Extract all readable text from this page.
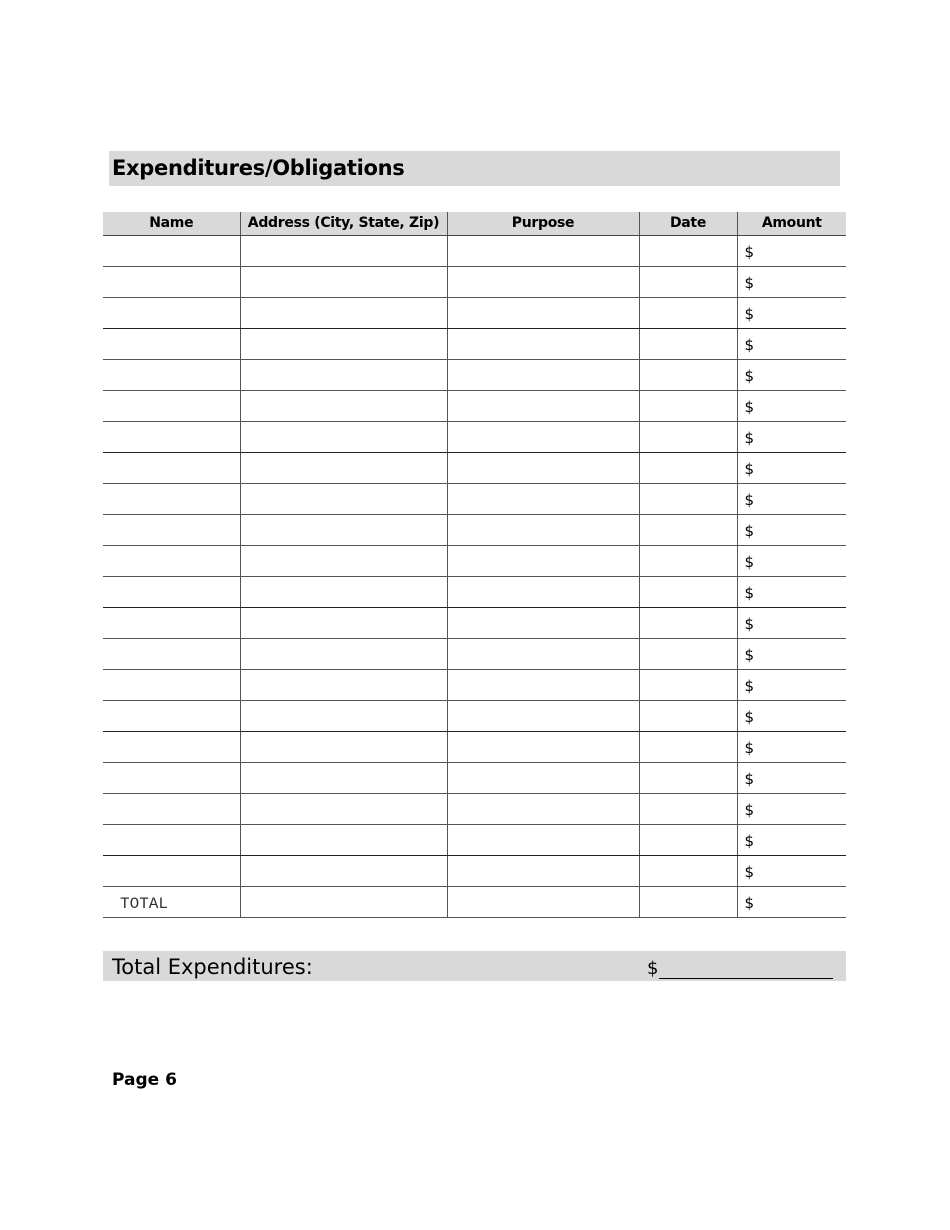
Expenditures/Obligations
Name	Address (City, State, Zip)	Purpose	Date	Amount

				$

				$

				$

				$

				$

				$

				$

				$

				$

				$

				$

				$

				$

				$

				$

				$

				$

				$

				$

				$

				$

TOTAL				$
Total Expenditures:	$
Page 6
